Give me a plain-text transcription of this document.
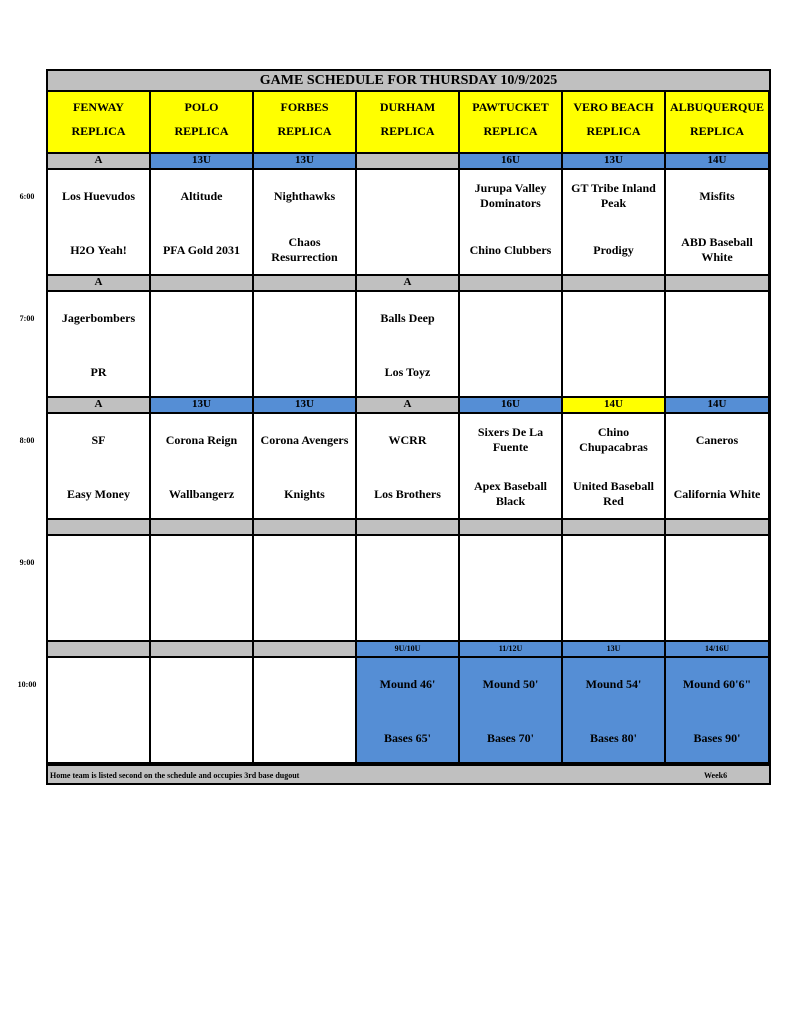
GAME SCHEDULE FOR THURSDAY 10/9/2025
FENWAY
REPLICA
POLO
REPLICA
FORBES
REPLICA
DURHAM
REPLICA
PAWTUCKET
REPLICA
VERO BEACH
REPLICA
ALBUQUERQUE
REPLICA
A
Los Huevudos
H2O Yeah!
13U
Altitude
PFA Gold 2031
13U
Nighthawks
Chaos Resurrection
16U
Jurupa Valley Dominators
Chino Clubbers
13U
GT Tribe Inland Peak
Prodigy
14U
Misfits
ABD Baseball White
A
Jagerbombers
PR
A
Balls Deep
Los Toyz
A
SF
Easy Money
13U
Corona Reign
Wallbangerz
13U
Corona Avengers
Knights
A
WCRR
Los Brothers
16U
Sixers De La Fuente
Apex Baseball Black
14U
Chino Chupacabras
United Baseball Red
14U
Caneros
California White
9U/10U
Mound 46'
Bases 65'
11/12U
Mound 50'
Bases 70'
13U
Mound 54'
Bases 80'
14/16U
Mound 60'6"
Bases 90'
Home team is listed second on the schedule and occupies 3rd base dugout	Week6
6:00
7:00
8:00
9:00
10:00
